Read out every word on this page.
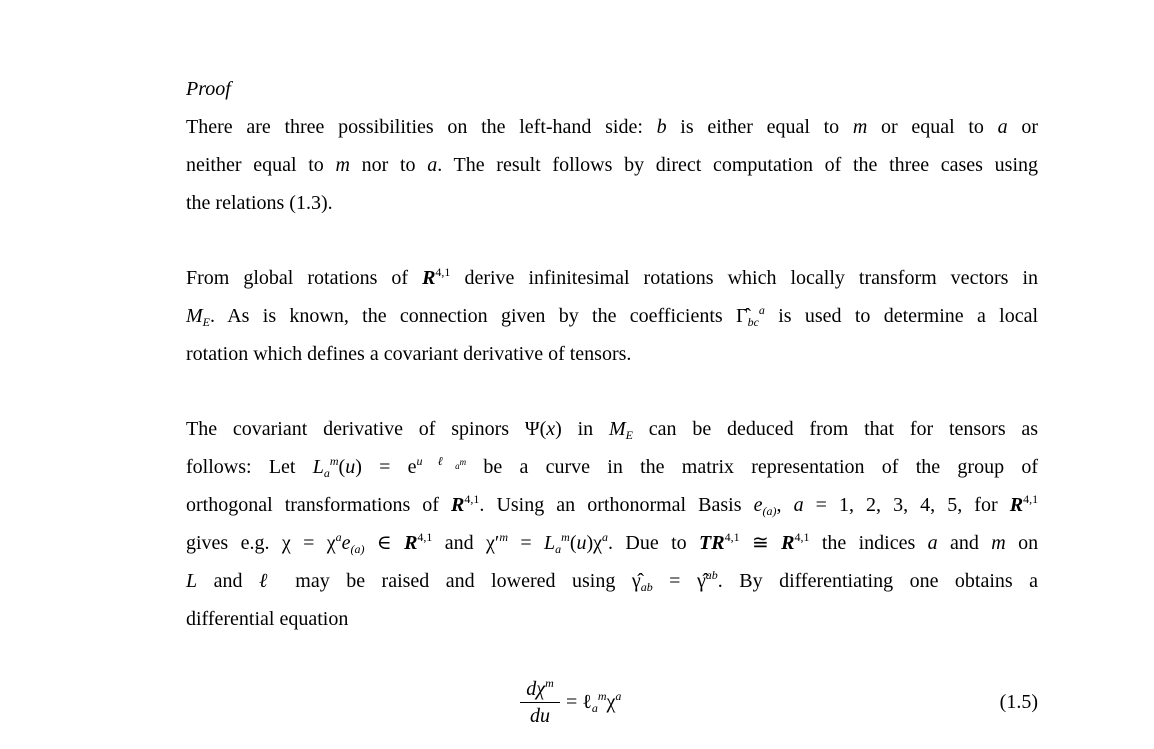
Proof
There are three possibilities on the left-hand side: b is either equal to m or equal to a or
neither equal to m nor to a. The result follows by direct computation of the three cases using
the relations (1.3).
From global rotations of R$^{4,1}$ derive infinitesimal rotations which locally transform vectors in
$M_E$. As is known, the connection given by the coefficients $\Gammâ_{bc}^a$ is used to determine a local
rotation which defines a covariant derivative of tensors.
The covariant derivative of spinors Ψ(x) in $M_E$ can be deduced from that for tensors as
follows: Let $L_a^m(u) = e^{u \ell_am}$ be a curve in the matrix representation of the group of
orthogonal transformations of R$^{4,1}$. Using an orthonormal Basis $e_{(a)}$, a = 1, 2, 3, 4, 5, for R$^{4,1}$
gives e.g. $\chi = \chi^ae_{(a)}$ ∈ R$^{4,1}$ and $\chi'^m = L_a^m(u)\chi^a$. Due to TR$^{4,1}$ ≅ R$^{4,1}$ the indices a and m on
L and ℓ may be raised and lowered using $\gammâ_{ab}$ = γ̂$^{ab}$. By differentiating one obtains a
differential equation
$d\chi^m$
du
= $\ell_a^m\chi^a$	(1.5)
